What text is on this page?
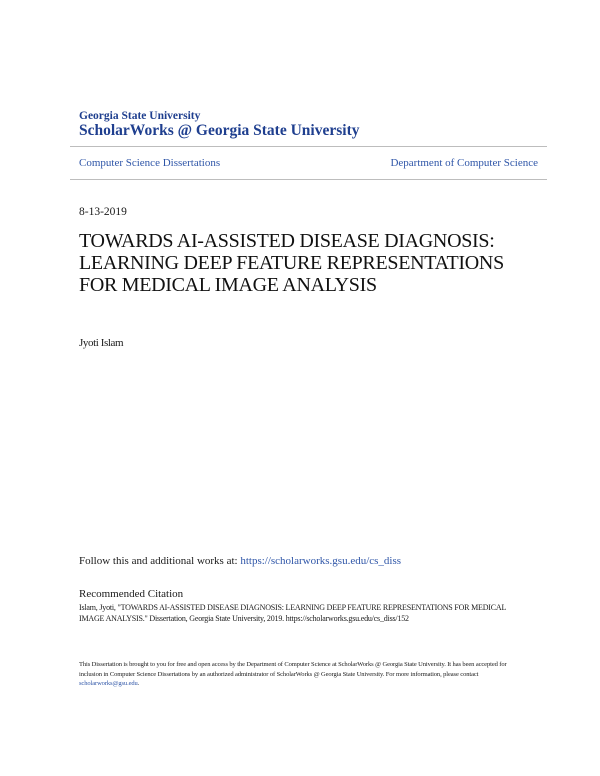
Georgia State University
ScholarWorks @ Georgia State University
Computer Science Dissertations	Department of Computer Science
8-13-2019
TOWARDS AI-ASSISTED DISEASE DIAGNOSIS: LEARNING DEEP FEATURE REPRESENTATIONS FOR MEDICAL IMAGE ANALYSIS
Jyoti Islam
Follow this and additional works at: https://scholarworks.gsu.edu/cs_diss
Recommended Citation
Islam, Jyoti, "TOWARDS AI-ASSISTED DISEASE DIAGNOSIS: LEARNING DEEP FEATURE REPRESENTATIONS FOR MEDICAL IMAGE ANALYSIS." Dissertation, Georgia State University, 2019. https://scholarworks.gsu.edu/cs_diss/152
This Dissertation is brought to you for free and open access by the Department of Computer Science at ScholarWorks @ Georgia State University. It has been accepted for inclusion in Computer Science Dissertations by an authorized administrator of ScholarWorks @ Georgia State University. For more information, please contact scholarworks@gsu.edu.
